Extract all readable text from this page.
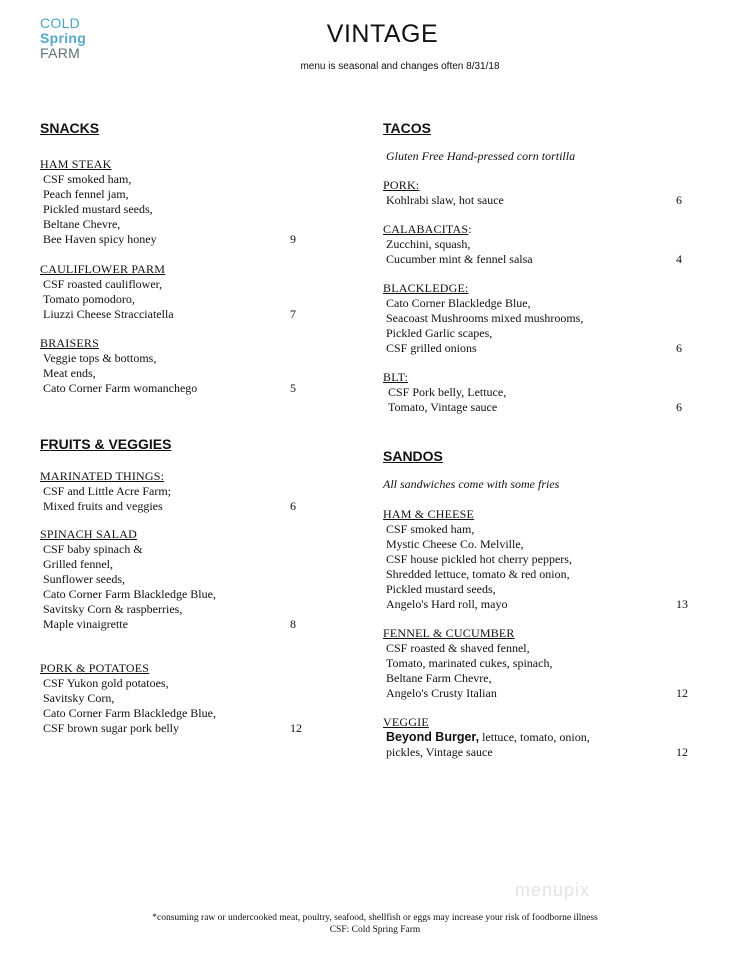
COLD
Spring
FARM
VINTAGE
menu is seasonal and changes often 8/31/18
SNACKS
HAM STEAK
CSF smoked ham,
Peach fennel jam,
Pickled mustard seeds,
Beltane Chevre,
Bee Haven spicy honey	9
CAULIFLOWER PARM
CSF roasted cauliflower,
Tomato pomodoro,
Liuzzi Cheese Stracciatella	7
BRAISERS
Veggie tops & bottoms,
Meat ends,
Cato Corner Farm womanchego	5
FRUITS & VEGGIES
MARINATED THINGS:
CSF and Little Acre Farm;
Mixed fruits and veggies	6
SPINACH SALAD
CSF baby spinach &
Grilled fennel,
Sunflower seeds,
Cato Corner Farm Blackledge Blue,
Savitsky Corn & raspberries,
Maple vinaigrette	8
PORK & POTATOES
CSF Yukon gold potatoes,
Savitsky Corn,
Cato Corner Farm Blackledge Blue,
CSF brown sugar pork belly	12
TACOS
Gluten Free Hand-pressed corn tortilla
PORK:
Kohlrabi slaw, hot sauce	6
CALABACITAS:
Zucchini, squash,
Cucumber mint & fennel salsa	4
BLACKLEDGE:
Cato Corner Blackledge Blue,
Seacoast Mushrooms mixed mushrooms,
Pickled Garlic scapes,
CSF grilled onions	6
BLT:
CSF Pork belly, Lettuce,
Tomato, Vintage sauce	6
SANDOS
All sandwiches come with some fries
HAM & CHEESE
CSF smoked ham,
Mystic Cheese Co. Melville,
CSF house pickled hot cherry peppers,
Shredded lettuce, tomato & red onion,
Pickled mustard seeds,
Angelo's Hard roll, mayo	13
FENNEL & CUCUMBER
CSF roasted & shaved fennel,
Tomato, marinated cukes, spinach,
Beltane Farm Chevre,
Angelo's Crusty Italian	12
VEGGIE
Beyond Burger, lettuce, tomato, onion,
pickles, Vintage sauce	12
menupix
*consuming raw or undercooked meat, poultry, seafood, shellfish or eggs may increase your risk of foodborne illness
CSF: Cold Spring Farm
